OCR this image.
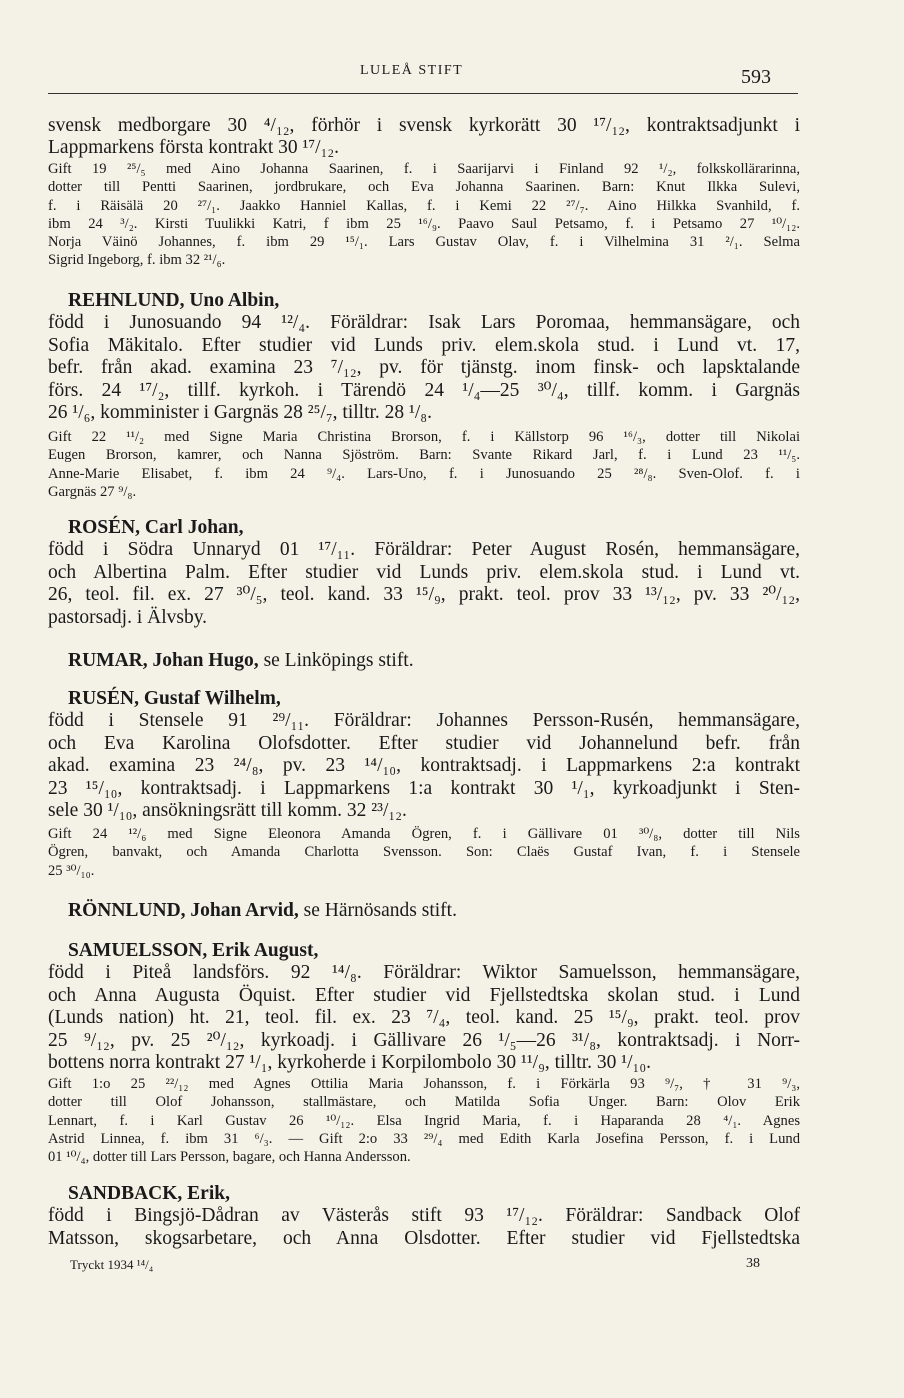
LULEÅ STIFT	593
svensk medborgare 30 ⁴/₁₂, förhör i svensk kyrkorätt 30 ¹⁷/₁₂, kontraktsadjunkt i
Lappmarkens första kontrakt 30 ¹⁷/₁₂.
Gift 19 ²⁵/₅ med Aino Johanna Saarinen, f. i Saarijarvi i Finland 92 ¹/₂, folkskollärarinna,
dotter till Pentti Saarinen, jordbrukare, och Eva Johanna Saarinen. Barn: Knut Ilkka Sulevi,
f. i Räisälä 20 ²⁷/₁. Jaakko Hanniel Kallas, f. i Kemi 22 ²⁷/₇. Aino Hilkka Svanhild, f.
ibm 24 ³/₂. Kirsti Tuulikki Katri, f ibm 25 ¹⁶/₉. Paavo Saul Petsamo, f. i Petsamo 27 ¹⁰/₁₂.
Norja Väinö Johannes, f. ibm 29 ¹⁵/₁. Lars Gustav Olav, f. i Vilhelmina 31 ²/₁. Selma
Sigrid Ingeborg, f. ibm 32 ²¹/₆.
REHNLUND, Uno Albin,
född i Junosuando 94 ¹²/₄. Föräldrar: Isak Lars Poromaa, hemmansägare, och
Sofia Mäkitalo. Efter studier vid Lunds priv. elem.skola stud. i Lund vt. 17,
befr. från akad. examina 23 ⁷/₁₂, pv. för tjänstg. inom finsk- och lapsktalande
förs. 24 ¹⁷/₂, tillf. kyrkoh. i Tärendö 24 ¹/₄—25 ³⁰/₄, tillf. komm. i Gargnäs
26 ¹/₆, komminister i Gargnäs 28 ²⁵/₇, tilltr. 28 ¹/₈.
Gift 22 ¹¹/₂ med Signe Maria Christina Brorson, f. i Källstorp 96 ¹⁶/₃, dotter till Nikolai
Eugen Brorson, kamrer, och Nanna Sjöström. Barn: Svante Rikard Jarl, f. i Lund 23 ¹¹/₅.
Anne-Marie Elisabet, f. ibm 24 ⁹/₄. Lars-Uno, f. i Junosuando 25 ²⁸/₈. Sven-Olof. f. i
Gargnäs 27 ⁹/₈.
ROSÉN, Carl Johan,
född i Södra Unnaryd 01 ¹⁷/₁₁. Föräldrar: Peter August Rosén, hemmansägare,
och Albertina Palm. Efter studier vid Lunds priv. elem.skola stud. i Lund vt.
26, teol. fil. ex. 27 ³⁰/₅, teol. kand. 33 ¹⁵/₉, prakt. teol. prov 33 ¹³/₁₂, pv. 33 ²⁰/₁₂,
pastorsadj. i Älvsby.
RUMAR, Johan Hugo, se Linköpings stift.
RUSÉN, Gustaf Wilhelm,
född i Stensele 91 ²⁹/₁₁. Föräldrar: Johannes Persson-Rusén, hemmansägare,
och Eva Karolina Olofsdotter. Efter studier vid Johannelund befr. från
akad. examina 23 ²⁴/₈, pv. 23 ¹⁴/₁₀, kontraktsadj. i Lappmarkens 2:a kontrakt
23 ¹⁵/₁₀, kontraktsadj. i Lappmarkens 1:a kontrakt 30 ¹/₁, kyrkoadjunkt i Sten-
sele 30 ¹/₁₀, ansökningsrätt till komm. 32 ²³/₁₂.
Gift 24 ¹²/₆ med Signe Eleonora Amanda Ögren, f. i Gällivare 01 ³⁰/₈, dotter till Nils
Ögren, banvakt, och Amanda Charlotta Svensson. Son: Claës Gustaf Ivan, f. i Stensele
25 ³⁰/₁₀.
RÖNNLUND, Johan Arvid, se Härnösands stift.
SAMUELSSON, Erik August,
född i Piteå landsförs. 92 ¹⁴/₈. Föräldrar: Wiktor Samuelsson, hemmansägare,
och Anna Augusta Öquist. Efter studier vid Fjellstedtska skolan stud. i Lund
(Lunds nation) ht. 21, teol. fil. ex. 23 ⁷/₄, teol. kand. 25 ¹⁵/₉, prakt. teol. prov
25 ⁹/₁₂, pv. 25 ²⁰/₁₂, kyrkoadj. i Gällivare 26 ¹/₅—26 ³¹/₈, kontraktsadj. i Norr-
bottens norra kontrakt 27 ¹/₁, kyrkoherde i Korpilombolo 30 ¹¹/₉, tilltr. 30 ¹/₁₀.
Gift 1:o 25 ²²/₁₂ med Agnes Ottilia Maria Johansson, f. i Förkärla 93 ⁹/₇, † 31 ⁹/₃,
dotter till Olof Johansson, stallmästare, och Matilda Sofia Unger. Barn: Olov Erik
Lennart, f. i Karl Gustav 26 ¹⁰/₁₂. Elsa Ingrid Maria, f. i Haparanda 28 ⁴/₁. Agnes
Astrid Linnea, f. ibm 31 ⁶/₃. — Gift 2:o 33 ²⁹/₄ med Edith Karla Josefina Persson, f. i Lund
01 ¹⁰/₄, dotter till Lars Persson, bagare, och Hanna Andersson.
SANDBACK, Erik,
född i Bingsjö-Dådran av Västerås stift 93 ¹⁷/₁₂. Föräldrar: Sandback Olof
Matsson, skogsarbetare, och Anna Olsdotter. Efter studier vid Fjellstedtska
Tryckt 1934 ¹⁴/₄	38
